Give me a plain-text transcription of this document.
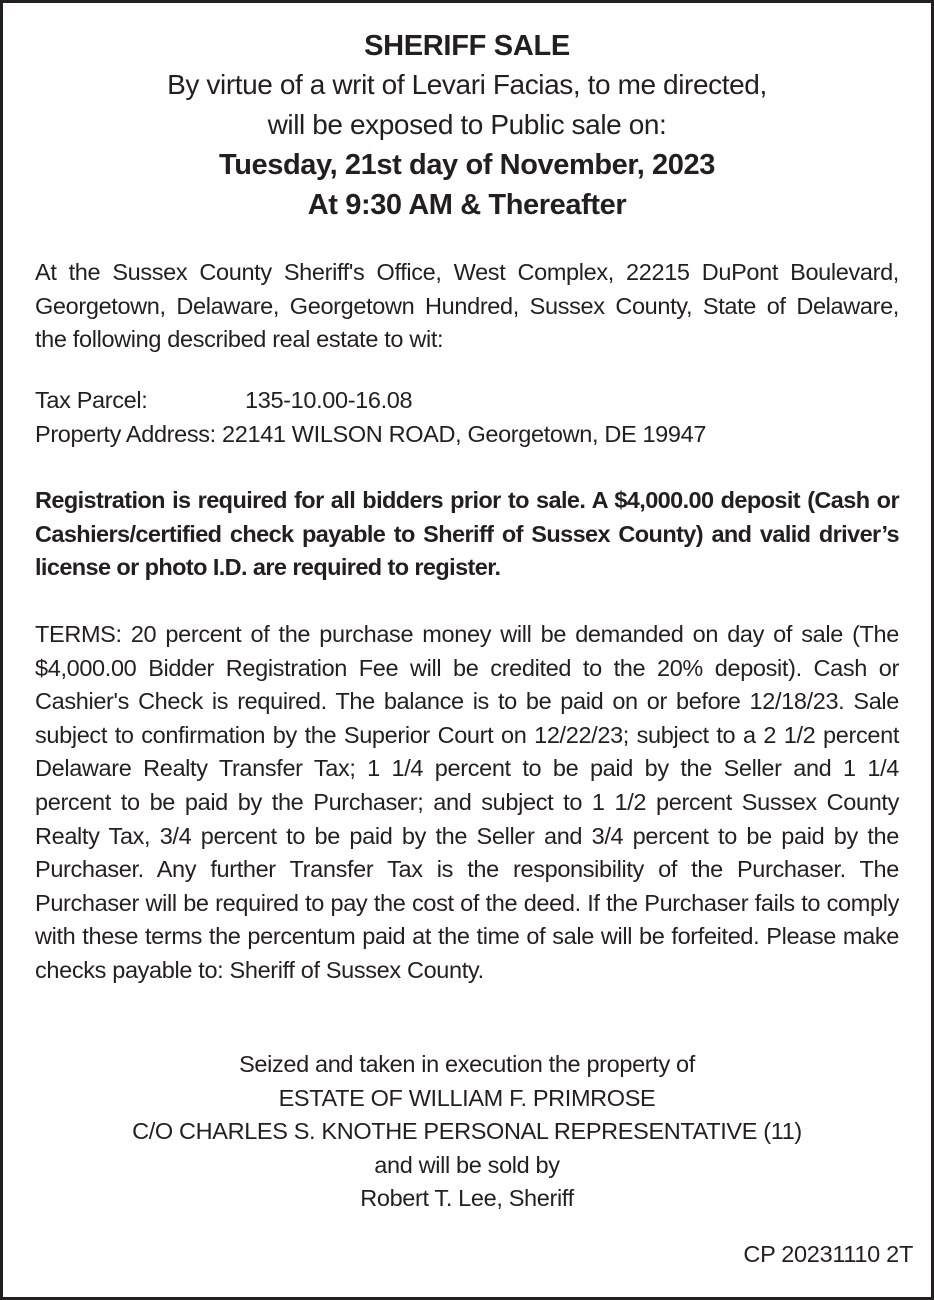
SHERIFF SALE
By virtue of a writ of Levari Facias, to me directed,
will be exposed to Public sale on:
Tuesday, 21st day of November, 2023
At 9:30 AM & Thereafter
At the Sussex County Sheriff's Office, West Complex, 22215 DuPont Boulevard, Georgetown, Delaware, Georgetown Hundred, Sussex County, State of Delaware, the following described real estate to wit:
Tax Parcel:	135-10.00-16.08
Property Address: 22141 WILSON ROAD, Georgetown, DE 19947
Registration is required for all bidders prior to sale. A $4,000.00 deposit (Cash or Cashiers/certified check payable to Sheriff of Sussex County) and valid driver’s license or photo I.D. are required to register.
TERMS: 20 percent of the purchase money will be demanded on day of sale (The $4,000.00 Bidder Registration Fee will be credited to the 20% deposit). Cash or Cashier's Check is required. The balance is to be paid on or before 12/18/23. Sale subject to confirmation by the Superior Court on 12/22/23; subject to a 2 1/2 percent Delaware Realty Transfer Tax; 1 1/4 percent to be paid by the Seller and 1 1/4 percent to be paid by the Purchaser; and subject to 1 1/2 percent Sussex County Realty Tax, 3/4 percent to be paid by the Seller and 3/4 percent to be paid by the Purchaser. Any further Transfer Tax is the responsibility of the Purchaser. The Purchaser will be required to pay the cost of the deed. If the Purchaser fails to comply with these terms the percentum paid at the time of sale will be forfeited. Please make checks payable to: Sheriff of Sussex County.
Seized and taken in execution the property of
ESTATE OF WILLIAM F. PRIMROSE
C/O CHARLES S. KNOTHE PERSONAL REPRESENTATIVE (11)
and will be sold by
Robert T. Lee, Sheriff
CP 20231110 2T
